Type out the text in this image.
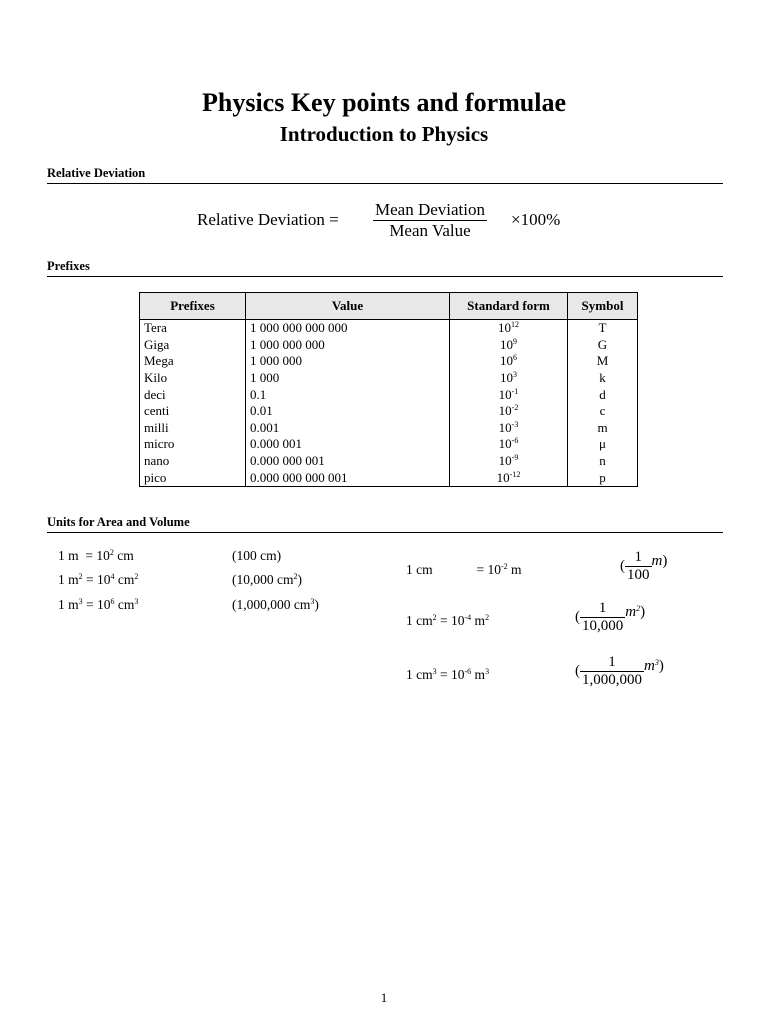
Physics Key points and formulae
Introduction to Physics
Relative Deviation
Relative Deviation =
Mean Deviation
Mean Value
×100%
Prefixes
Prefixes	Value	Standard form	Symbol
Tera	1 000 000 000 000	$10^{12}$	T
Giga	1 000 000 000	$10^9$	G
Mega	1 000 000	$10^6$	M
Kilo	1 000	$10^3$	k
deci	0.1	$10^{-1}$	d
centi	0.01	$10^{-2}$	c
milli	0.001	$10^{-3}$	m
micro	0.000 001	$10^{-6}$	μ
nano	0.000 000 001	$10^{-9}$	n
pico	0.000 000 000 001	$10^{-12}$	p
Units for Area and Volume
1 $m = 10^2$ cm	(100 cm)
1 $m^2 = 10^4$ $cm^2$	(10,000 $cm^2$)
1 $m^3 = 10^6$ $cm^3$	(1,000,000 $cm^3$)
1 cm	= $10^{-2}$ m	( $\frac{1}{100}$ m )
1 $cm^2 = 10^{-4}$ $m^2$	( $\frac{1}{10,000} m^2$ )
1 $cm^3 = 10^{-6}$ $m^3$	( $\frac{1}{1,000,000} m^3$ )
1
